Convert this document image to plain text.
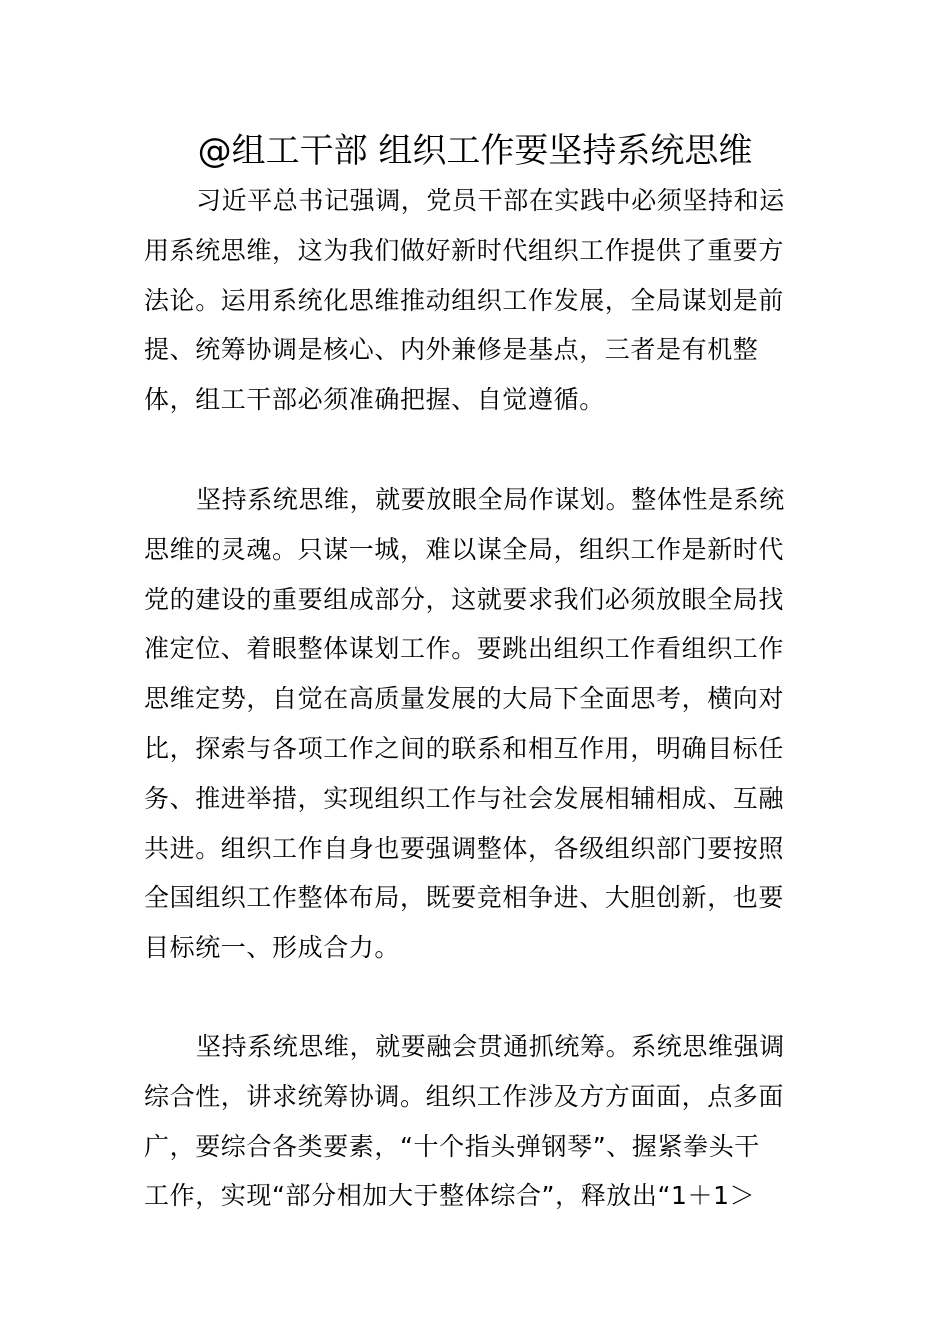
@组工干部 组织工作要坚持系统思维
习近平总书记强调，党员干部在实践中必须坚持和运
用系统思维，这为我们做好新时代组织工作提供了重要方
法论。运用系统化思维推动组织工作发展，全局谋划是前
提、统筹协调是核心、内外兼修是基点，三者是有机整
体，组工干部必须准确把握、自觉遵循。
坚持系统思维，就要放眼全局作谋划。整体性是系统
思维的灵魂。只谋一城，难以谋全局，组织工作是新时代
党的建设的重要组成部分，这就要求我们必须放眼全局找
准定位、着眼整体谋划工作。要跳出组织工作看组织工作
思维定势，自觉在高质量发展的大局下全面思考，横向对
比，探索与各项工作之间的联系和相互作用，明确目标任
务、推进举措，实现组织工作与社会发展相辅相成、互融
共进。组织工作自身也要强调整体，各级组织部门要按照
全国组织工作整体布局，既要竞相争进、大胆创新，也要
目标统一、形成合力。
坚持系统思维，就要融会贯通抓统筹。系统思维强调
综合性，讲求统筹协调。组织工作涉及方方面面，点多面
广，要综合各类要素，“十个指头弹钢琴”、握紧拳头干
工作，实现“部分相加大于整体综合”，释放出“1＋1＞
